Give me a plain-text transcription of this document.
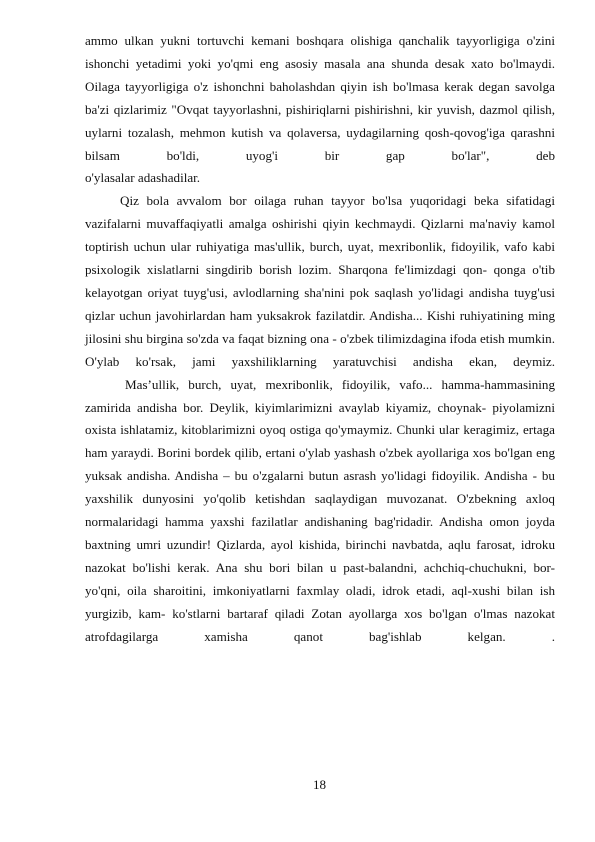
ammo ulkan yukni tortuvchi kemani boshqara olishiga qanchalik tayyorligiga o'zini ishonchi yetadimi yoki yo'qmi eng asosiy masala ana shunda desak xato bo'lmaydi. Oilaga tayyorligiga o'z ishonchni baholashdan qiyin ish bo'lmasa kerak degan savolga ba'zi qizlarimiz "Ovqat tayyorlashni, pishiriqlarni pishirishni, kir yuvish, dazmol qilish, uylarni tozalash, mehmon kutish va qolaversa, uydagilarning qosh-qovog'iga qarashni bilsam bo'ldi, uyog'i bir gap bo'lar", deb
o'ylasalar adashadilar.

Qiz bola avvalom bor oilaga ruhan tayyor bo'lsa yuqoridagi beka sifatidagi vazifalarni muvaffaqiyatli amalga oshirishi qiyin kechmaydi. Qizlarni ma'naviy kamol toptirish uchun ular ruhiyatiga mas'ullik, burch, uyat, mexribonlik, fidoyilik, vafo kabi psixologik xislatlarni singdirib borish lozim. Sharqona fe'limizdagi qon- qonga o'tib kelayotgan oriyat tuyg'usi, avlodlarning sha'nini pok saqlash yo'lidagi andisha tuyg'usi qizlar uchun javohirlardan ham yuksakrok fazilatdir. Andisha... Kishi ruhiyatining ming jilosini shu birgina so'zda va faqat bizning ona - o'zbek tilimizdagina ifoda etish mumkin. O'ylab ko'rsak, jami yaxshiliklarning yaratuvchisi andisha ekan, deymiz.

Mas’ullik, burch, uyat, mexribonlik, fidoyilik, vafo... hamma-hammasining zamirida andisha bor. Deylik, kiyimlarimizni avaylab kiyamiz, choynak- piyolamizni oxista ishlatamiz, kitoblarimizni oyoq ostiga qo'ymaymiz. Chunki ular keragimiz, ertaga ham yaraydi. Borini bordek qilib, ertani o'ylab yashash o'zbek ayollariga xos bo'lgan eng yuksak andisha. Andisha – bu o'zgalarni butun asrash yo'lidagi fidoyilik. Andisha - bu yaxshilik dunyosini yo'qolib ketishdan saqlaydigan muvozanat. O'zbekning axloq normalaridagi hamma yaxshi fazilatlar andishaning bag'ridadir. Andisha omon joyda baxtning umri uzundir! Qizlarda, ayol kishida, birinchi navbatda, aqlu farosat, idroku nazokat bo'lishi kerak. Ana shu bori bilan u past-balandni, achchiq-chuchukni, bor-yo'qni, oila sharoitini, imkoniyatlarni faxmlay oladi, idrok etadi, aql-xushi bilan ish yurgizib, kam- ko'stlarni bartaraf qiladi Zotan ayollarga xos bo'lgan o'lmas nazokat atrofdagilarga	xamisha qanot bag'ishlab kelgan. .

18
